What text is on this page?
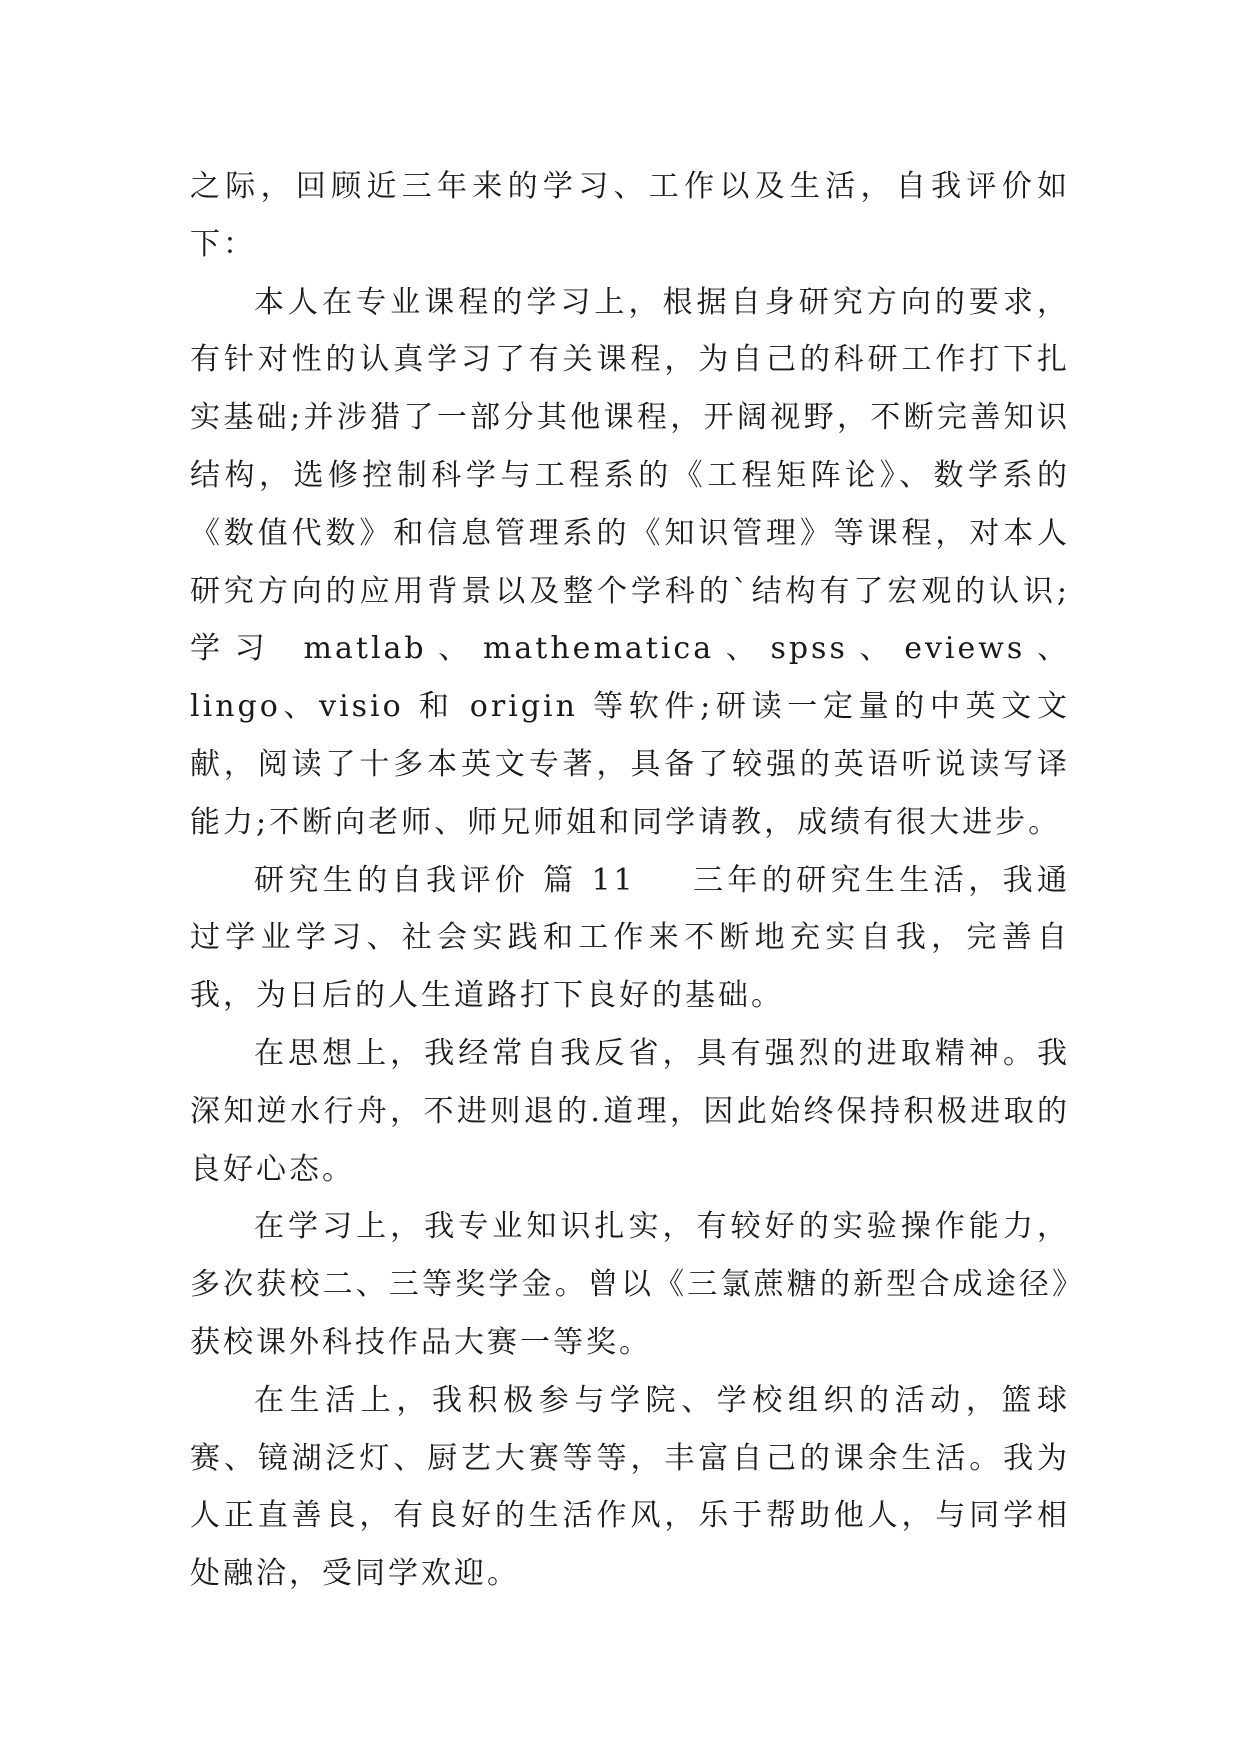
之际，回顾近三年来的学习、工作以及生活，自我评价如下：

本人在专业课程的学习上，根据自身研究方向的要求，有针对性的认真学习了有关课程，为自己的科研工作打下扎实基础;并涉猎了一部分其他课程，开阔视野，不断完善知识结构，选修控制科学与工程系的《工程矩阵论》、数学系的《数值代数》和信息管理系的《知识管理》等课程，对本人研究方向的应用背景以及整个学科的`结构有了宏观的认识;学习 matlab、mathematica、spss、eviews、lingo、visio 和 origin 等软件;研读一定量的中英文文献，阅读了十多本英文专著，具备了较强的英语听说读写译能力;不断向老师、师兄师姐和同学请教，成绩有很大进步。

研究生的自我评价 篇 11 三年的研究生生活，我通过学业学习、社会实践和工作来不断地充实自我，完善自我，为日后的人生道路打下良好的基础。

在思想上，我经常自我反省，具有强烈的进取精神。我深知逆水行舟，不进则退的.道理，因此始终保持积极进取的良好心态。

在学习上，我专业知识扎实，有较好的实验操作能力，多次获校二、三等奖学金。曾以《三氯蔗糖的新型合成途径》获校课外科技作品大赛一等奖。

在生活上，我积极参与学院、学校组织的活动，篮球赛、镜湖泛灯、厨艺大赛等等，丰富自己的课余生活。我为人正直善良，有良好的生活作风，乐于帮助他人，与同学相处融洽，受同学欢迎。
